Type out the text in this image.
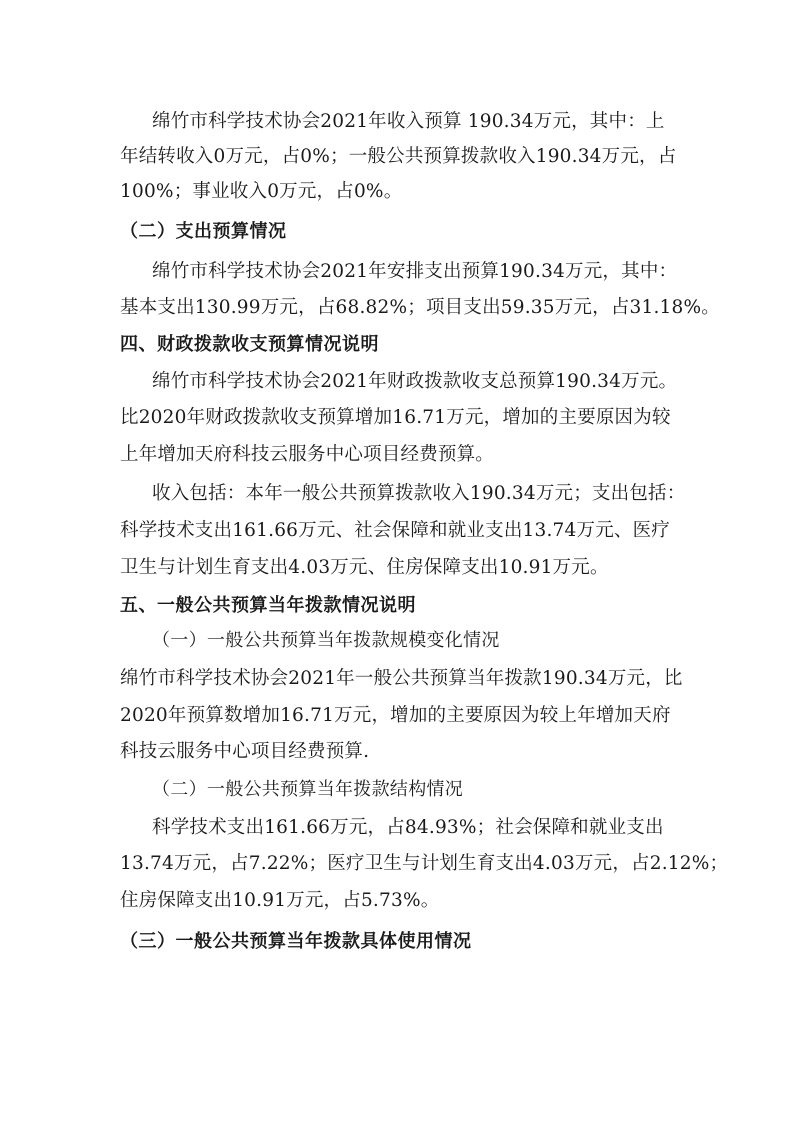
绵竹市科学技术协会2021年收入预算 190.34万元，其中：上
年结转收入0万元，占0%；一般公共预算拨款收入190.34万元，占
100%；事业收入0万元，占0%。
（二）支出预算情况
绵竹市科学技术协会2021年安排支出预算190.34万元，其中：
基本支出130.99万元，占68.82%；项目支出59.35万元，占31.18%。
四、财政拨款收支预算情况说明
绵竹市科学技术协会2021年财政拨款收支总预算190.34万元。
比2020年财政拨款收支预算增加16.71万元，增加的主要原因为较
上年增加天府科技云服务中心项目经费预算。
收入包括：本年一般公共预算拨款收入190.34万元；支出包括：
科学技术支出161.66万元、社会保障和就业支出13.74万元、医疗
卫生与计划生育支出4.03万元、住房保障支出10.91万元。
五、一般公共预算当年拨款情况说明
（一）一般公共预算当年拨款规模变化情况
绵竹市科学技术协会2021年一般公共预算当年拨款190.34万元，比
2020年预算数增加16.71万元，增加的主要原因为较上年增加天府
科技云服务中心项目经费预算.
（二）一般公共预算当年拨款结构情况
科学技术支出161.66万元，占84.93%；社会保障和就业支出
13.74万元，占7.22%；医疗卫生与计划生育支出4.03万元，占2.12%；
住房保障支出10.91万元，占5.73%。
（三）一般公共预算当年拨款具体使用情况
